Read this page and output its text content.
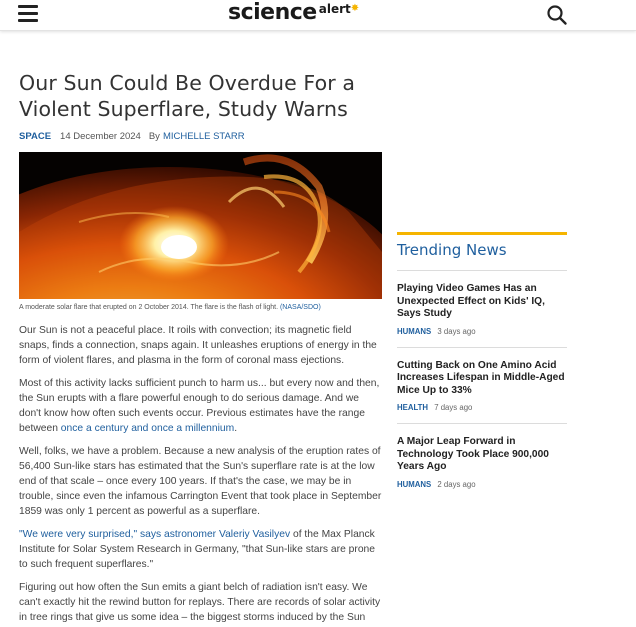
science alert ✸
Our Sun Could Be Overdue For a Violent Superflare, Study Warns
SPACE 14 December 2024 By MICHELLE STARR
A moderate solar flare that erupted on 2 October 2014. The flare is the flash of light. (NASA/SDO)

Our Sun is not a peaceful place. It roils with convection; its magnetic field snaps, finds a connection, snaps again. It unleashes eruptions of energy in the form of violent flares, and plasma in the form of coronal mass ejections.

Most of this activity lacks sufficient punch to harm us... but every now and then, the Sun erupts with a flare powerful enough to do serious damage. And we don't know how often such events occur. Previous estimates have the range between once a century and once a millennium.

Well, folks, we have a problem. Because a new analysis of the eruption rates of 56,400 Sun-like stars has estimated that the Sun's superflare rate is at the low end of that scale – once every 100 years. If that's the case, we may be in trouble, since even the infamous Carrington Event that took place in September 1859 was only 1 percent as powerful as a superflare.

"We were very surprised," says astronomer Valeriy Vasilyev of the Max Planck Institute for Solar System Research in Germany, "that Sun-like stars are prone to such frequent superflares."

Figuring out how often the Sun emits a giant belch of radiation isn't easy. We can't exactly hit the rewind button for replays. There are records of solar activity in tree rings that give us some idea – the biggest storms induced by the Sun

Trending News
Playing Video Games Has an Unexpected Effect on Kids' IQ, Says Study
HUMANS 3 days ago
Cutting Back on One Amino Acid Increases Lifespan in Middle-Aged Mice Up to 33%
HEALTH 7 days ago
A Major Leap Forward in Technology Took Place 900,000 Years Ago
HUMANS 2 days ago
